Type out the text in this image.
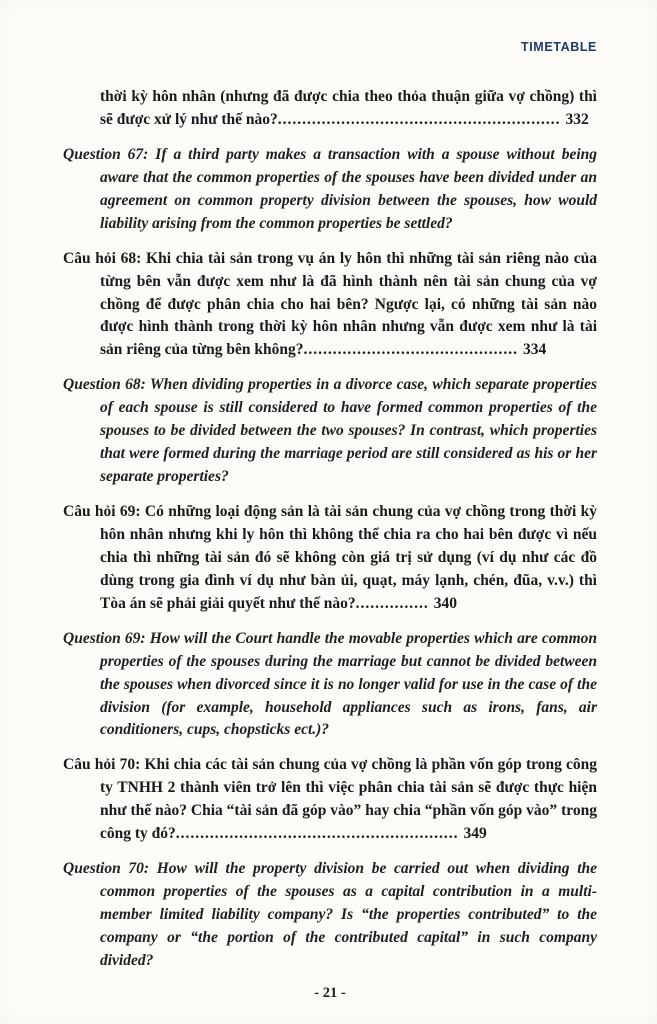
TIMETABLE

thời kỳ hôn nhân (nhưng đã được chia theo thỏa thuận giữa vợ chồng) thì sẽ được xử lý như thế nào?.......................................................... 332

Question 67: If a third party makes a transaction with a spouse without being aware that the common properties of the spouses have been divided under an agreement on common property division between the spouses, how would liability arising from the common properties be settled?

Câu hỏi 68: Khi chia tài sản trong vụ án ly hôn thì những tài sản riêng nào của từng bên vẫn được xem như là đã hình thành nên tài sản chung của vợ chồng để được phân chia cho hai bên? Ngược lại, có những tài sản nào được hình thành trong thời kỳ hôn nhân nhưng vẫn được xem như là tài sản riêng của từng bên không?............................................ 334

Question 68: When dividing properties in a divorce case, which separate properties of each spouse is still considered to have formed common properties of the spouses to be divided between the two spouses? In contrast, which properties that were formed during the marriage period are still considered as his or her separate properties?

Câu hỏi 69: Có những loại động sản là tài sản chung của vợ chồng trong thời kỳ hôn nhân nhưng khi ly hôn thì không thể chia ra cho hai bên được vì nếu chia thì những tài sản đó sẽ không còn giá trị sử dụng (ví dụ như các đồ dùng trong gia đình ví dụ như bàn ủi, quạt, máy lạnh, chén, đũa, v.v.) thì Tòa án sẽ phải giải quyết như thế nào?............... 340

Question 69: How will the Court handle the movable properties which are common properties of the spouses during the marriage but cannot be divided between the spouses when divorced since it is no longer valid for use in the case of the division (for example, household appliances such as irons, fans, air conditioners, cups, chopsticks ect.)?

Câu hỏi 70: Khi chia các tài sản chung của vợ chồng là phần vốn góp trong công ty TNHH 2 thành viên trở lên thì việc phân chia tài sản sẽ được thực hiện như thế nào? Chia “tài sản đã góp vào” hay chia “phần vốn góp vào” trong công ty đó?.......................................................... 349

Question 70: How will the property division be carried out when dividing the common properties of the spouses as a capital contribution in a multi-member limited liability company? Is “the properties contributed” to the company or “the portion of the contributed capital” in such company divided?

- 21 -
